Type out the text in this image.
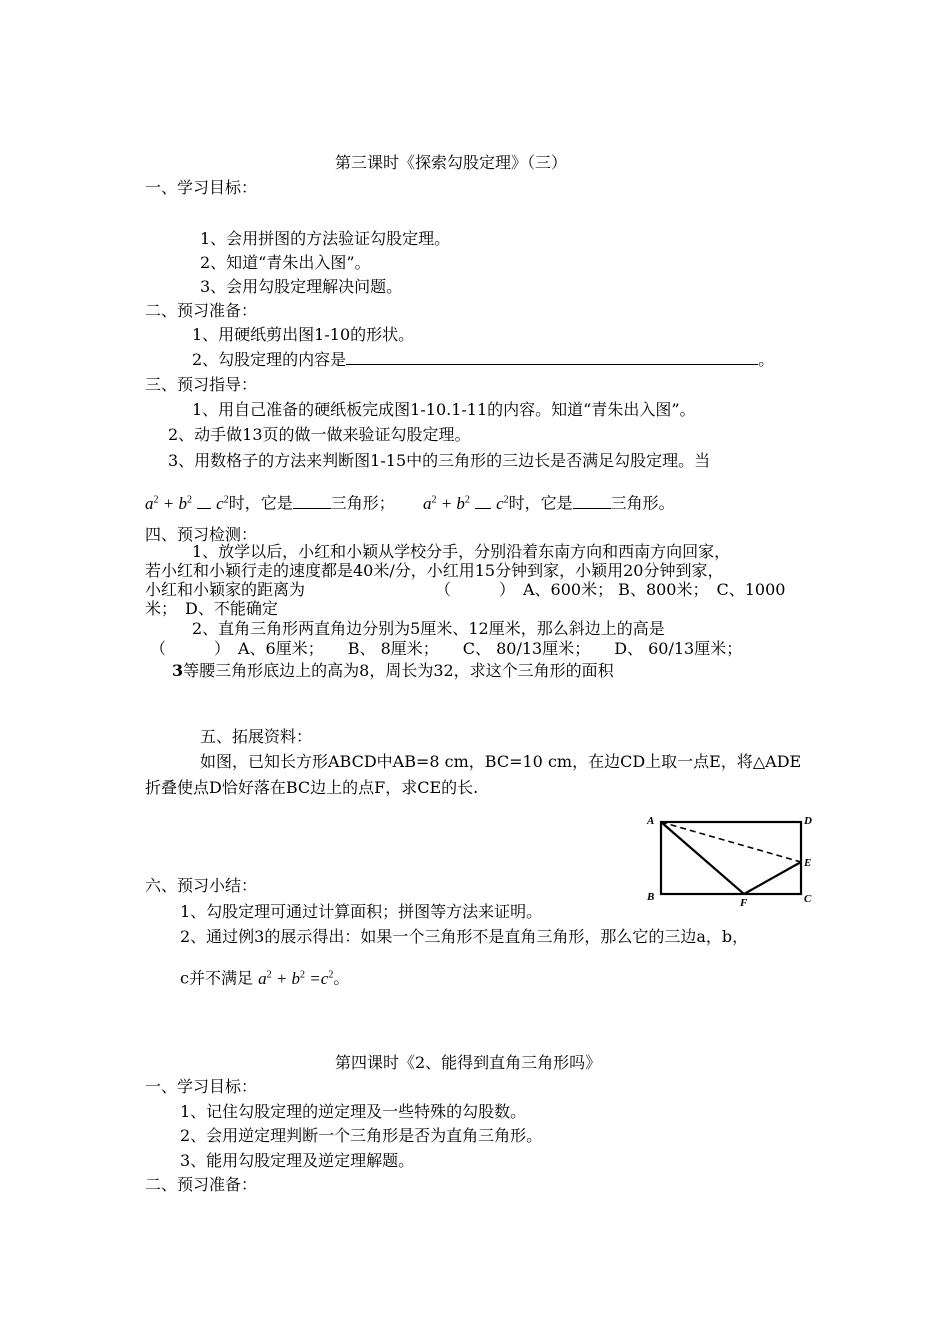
第三课时《探索勾股定理》（三）
一、学习目标：
1、会用拼图的方法验证勾股定理。
2、知道“青朱出入图”。
3、会用勾股定理解决问题。
二、预习准备：
1、用硬纸剪出图1-10的形状。
2、勾股定理的内容是	。
三、预习指导：
1、用自己准备的硬纸板完成图1-10.1-11的内容。知道“青朱出入图”。
2、动手做13页的做一做来验证勾股定理。
3、用数格子的方法来判断图1-15中的三角形的三边长是否满足勾股定理。当
$a^2 + b^2$ $c^2$时，它是 三角形； $a^2 + b^2$ $c^2$时，它是 三角形。
四、预习检测：
1、放学以后，小红和小颖从学校分手，分别沿着东南方向和西南方向回家，
若小红和小颖行走的速度都是40米/分，小红用15分钟到家，小颖用20分钟到家，
小红和小颖家的距离为	（　　　）　A、600米； B、800米；　C、1000
米；　D、不能确定
2、直角三角形两直角边分别为5厘米、12厘米，那么斜边上的高是
（　　　）　A、6厘米；　　B、 8厘米；　　C、 80/13厘米；　　D、 60/13厘米；
3等腰三角形底边上的高为8，周长为32，求这个三角形的面积
五、拓展资料：
如图，已知长方形ABCD中AB=8 cm，BC=10 cm，在边CD上取一点E，将△ADE
折叠使点D恰好落在BC边上的点F，求CE的长.
A	D
E
B	C
F
六、预习小结：
1、勾股定理可通过计算面积；拼图等方法来证明。
2、通过例3的展示得出：如果一个三角形不是直角三角形，那么它的三边a，b，
c并不满足 $a^2 + b^2 =c^2$。
第四课时《2、能得到直角三角形吗》
一、学习目标：
1、记住勾股定理的逆定理及一些特殊的勾股数。
2、会用逆定理判断一个三角形是否为直角三角形。
3、能用勾股定理及逆定理解题。
二、预习准备：
